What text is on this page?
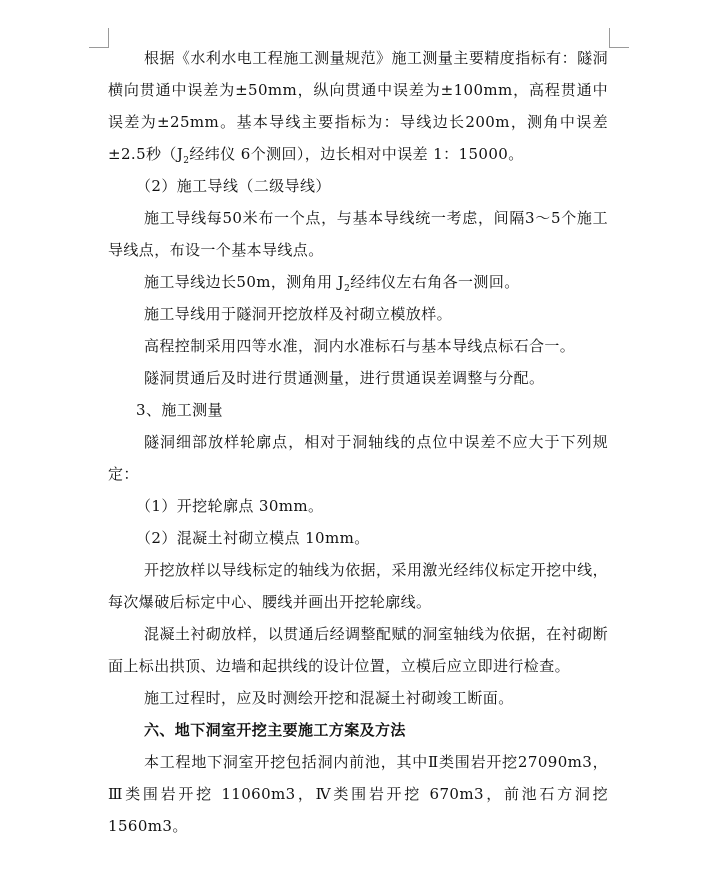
根据《水利水电工程施工测量规范》施工测量主要精度指标有：隧洞横向贯通中误差为±50mm，纵向贯通中误差为±100mm，高程贯通中误差为±25mm。基本导线主要指标为：导线边长200m，测角中误差±2.5秒（$J_2$经纬仪 6个测回），边长相对中误差 1：15000。

（2）施工导线（二级导线）

施工导线每50米布一个点，与基本导线统一考虑，间隔3～5个施工导线点，布设一个基本导线点。

施工导线边长50m，测角用 $J_2$经纬仪左右角各一测回。

施工导线用于隧洞开挖放样及衬砌立模放样。

高程控制采用四等水准，洞内水准标石与基本导线点标石合一。

隧洞贯通后及时进行贯通测量，进行贯通误差调整与分配。

3、施工测量

隧洞细部放样轮廓点，相对于洞轴线的点位中误差不应大于下列规定：

（1）开挖轮廓点 30mm。

（2）混凝土衬砌立模点 10mm。

开挖放样以导线标定的轴线为依据，采用激光经纬仪标定开挖中线，每次爆破后标定中心、腰线并画出开挖轮廓线。

混凝土衬砌放样，以贯通后经调整配赋的洞室轴线为依据，在衬砌断面上标出拱顶、边墙和起拱线的设计位置，立模后应立即进行检查。

施工过程时，应及时测绘开挖和混凝土衬砌竣工断面。

六、地下洞室开挖主要施工方案及方法

本工程地下洞室开挖包括洞内前池，其中Ⅱ类围岩开挖27090m3，Ⅲ类围岩开挖 11060m3，Ⅳ类围岩开挖 670m3，前池石方洞挖 1560m3。
